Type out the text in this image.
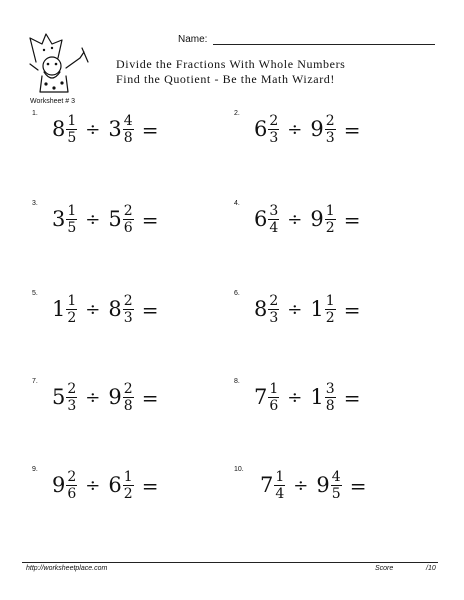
Name:
Divide the Fractions With Whole Numbers
Find the Quotient - Be the Math Wizard!
Worksheet # 3
1.
$8 \frac{1}{5} \div 3 \frac{4}{8}$ =
2.
$6 \frac{2}{3} \div 9 \frac{2}{3}$ =
3.
$3 \frac{1}{5} \div 5 \frac{2}{6}$ =
4.
$6 \frac{3}{4} \div 9 \frac{1}{2}$ =
5.
$1 \frac{1}{2} \div 8 \frac{2}{3}$ =
6.
$8 \frac{2}{3} \div 1 \frac{1}{2}$ =
7.
$5 \frac{2}{3} \div 9 \frac{2}{8}$ =
8.
$7 \frac{1}{6} \div 1 \frac{3}{8}$ =
9.
$9 \frac{2}{6} \div 6 \frac{1}{2}$ =
10.
$7 \frac{1}{4} \div 9 \frac{4}{5}$ =
http://worksheetplace.com	Score	/10
